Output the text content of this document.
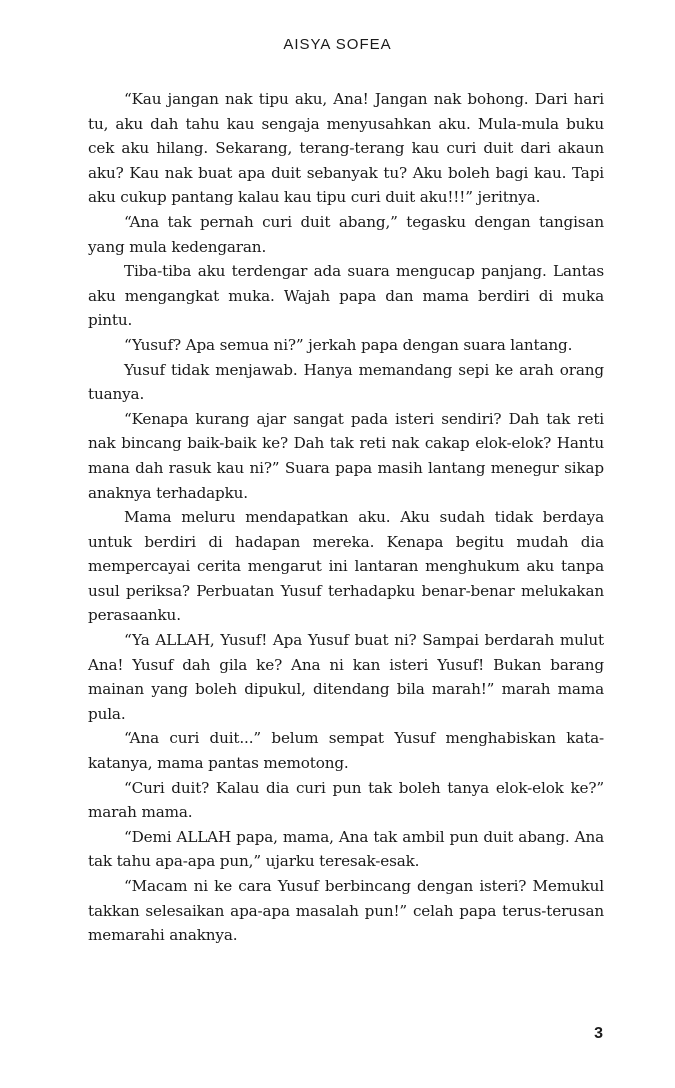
AISYA SOFEA

“Kau jangan nak tipu aku, Ana! Jangan nak bohong. Dari hari tu, aku dah tahu kau sengaja menyusahkan aku. Mula-mula buku cek aku hilang. Sekarang, terang-terang kau curi duit dari akaun aku? Kau nak buat apa duit sebanyak tu? Aku boleh bagi kau. Tapi aku cukup pantang kalau kau tipu curi duit aku!!!” jeritnya.

“Ana tak pernah curi duit abang,” tegasku dengan tangisan yang mula kedengaran.

Tiba-tiba aku terdengar ada suara mengucap panjang. Lantas aku mengangkat muka. Wajah papa dan mama berdiri di muka pintu.

“Yusuf? Apa semua ni?” jerkah papa dengan suara lantang.

Yusuf tidak menjawab. Hanya memandang sepi ke arah orang tuanya.

“Kenapa kurang ajar sangat pada isteri sendiri? Dah tak reti nak bincang baik-baik ke? Dah tak reti nak cakap elok-elok? Hantu mana dah rasuk kau ni?” Suara papa masih lantang menegur sikap anaknya terhadapku.

Mama meluru mendapatkan aku. Aku sudah tidak berdaya untuk berdiri di hadapan mereka. Kenapa begitu mudah dia mempercayai cerita mengarut ini lantaran menghukum aku tanpa usul periksa? Perbuatan Yusuf terhadapku benar-benar melukakan perasaanku.

“Ya ALLAH, Yusuf! Apa Yusuf buat ni? Sampai berdarah mulut Ana! Yusuf dah gila ke? Ana ni kan isteri Yusuf! Bukan barang mainan yang boleh dipukul, ditendang bila marah!” marah mama pula.

“Ana curi duit...” belum sempat Yusuf menghabiskan kata-katanya, mama pantas memotong.

“Curi duit? Kalau dia curi pun tak boleh tanya elok-elok ke?” marah mama.

“Demi ALLAH papa, mama, Ana tak ambil pun duit abang. Ana tak tahu apa-apa pun,” ujarku teresak-esak.

“Macam ni ke cara Yusuf berbincang dengan isteri? Memukul takkan selesaikan apa-apa masalah pun!” celah papa terus-terusan memarahi anaknya.

3
